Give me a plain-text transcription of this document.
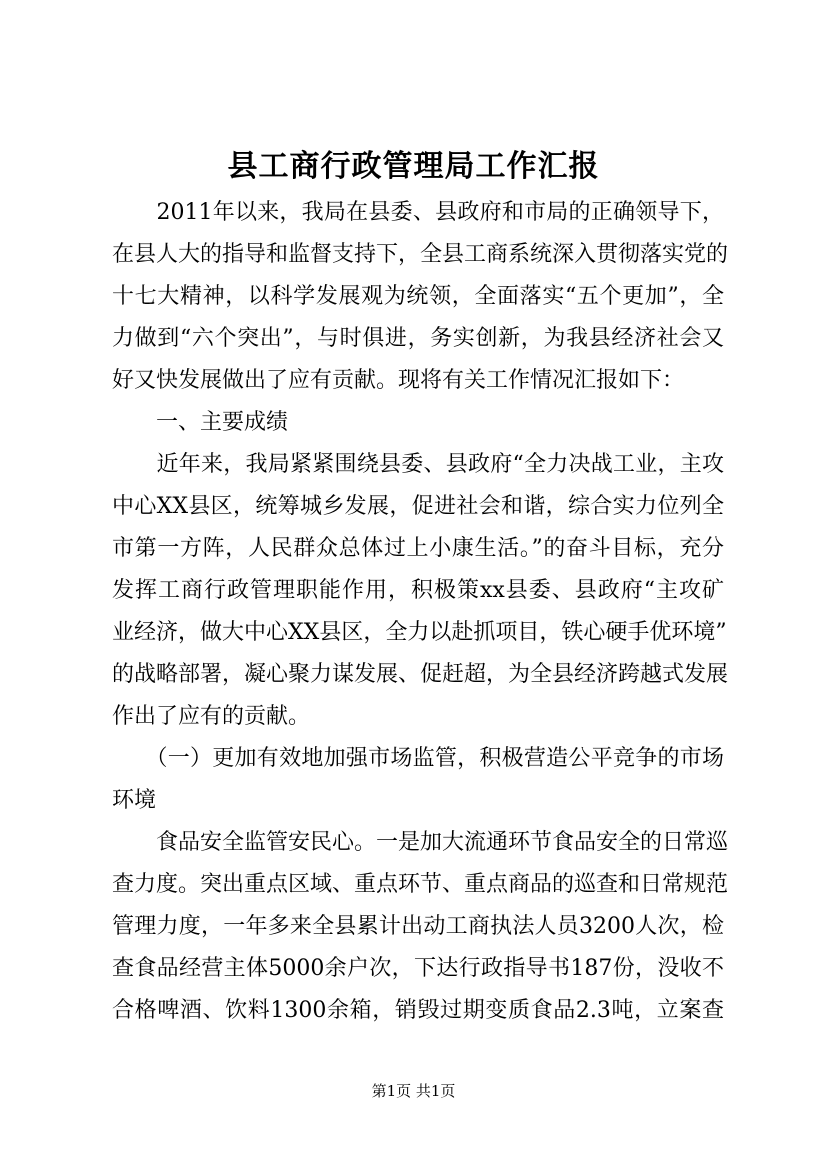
县工商行政管理局工作汇报
　　2011年以来，我局在县委、县政府和市局的正确领导下，
在县人大的指导和监督支持下，全县工商系统深入贯彻落实党的
十七大精神，以科学发展观为统领，全面落实“五个更加”，全
力做到“六个突出”，与时俱进，务实创新，为我县经济社会又
好又快发展做出了应有贡献。现将有关工作情况汇报如下：
　　一、主要成绩
　　近年来，我局紧紧围绕县委、县政府“全力决战工业，主攻
中心XX县区，统筹城乡发展，促进社会和谐，综合实力位列全
市第一方阵，人民群众总体过上小康生活。”的奋斗目标，充分
发挥工商行政管理职能作用，积极策xx县委、县政府“主攻矿
业经济，做大中心XX县区，全力以赴抓项目，铁心硬手优环境”
的战略部署，凝心聚力谋发展、促赶超，为全县经济跨越式发展
作出了应有的贡献。
　　（一）更加有效地加强市场监管，积极营造公平竞争的市场
环境
　　食品安全监管安民心。一是加大流通环节食品安全的日常巡
查力度。突出重点区域、重点环节、重点商品的巡查和日常规范
管理力度，一年多来全县累计出动工商执法人员3200人次，检
查食品经营主体5000余户次，下达行政指导书187份，没收不
合格啤酒、饮料1300余箱，销毁过期变质食品2.3吨，立案查
第1页 共1页
